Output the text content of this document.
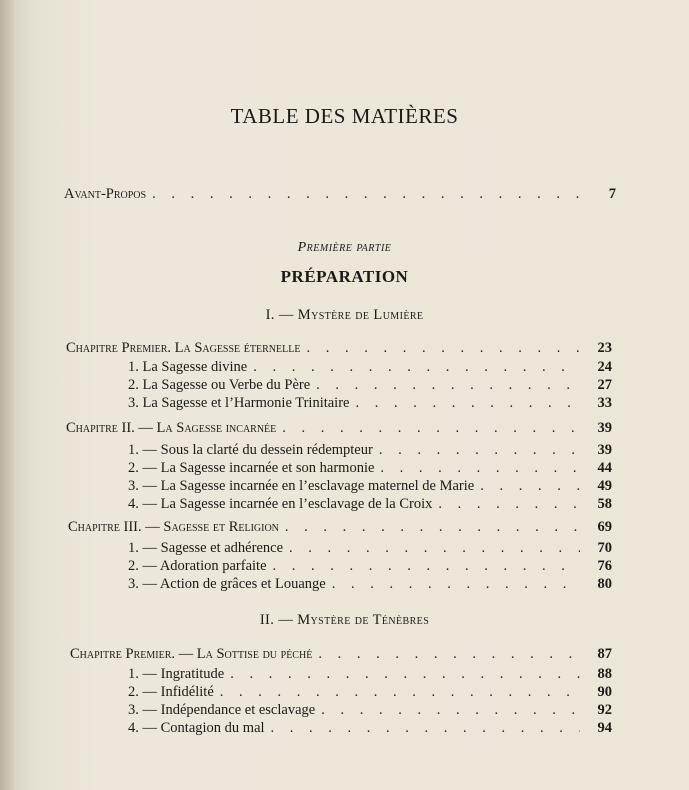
TABLE DES MATIÈRES
Avant-Propos . . .	7
Première partie
PRÉPARATION
I. — Mystère de Lumière
Chapitre Premier. La Sagesse éternelle . . .	23
1. La Sagesse divine . . .	24
2. La Sagesse ou Verbe du Père . . .	27
3. La Sagesse et l’Harmonie Trinitaire . . .	33
Chapitre II. — La Sagesse incarnée . . .	39
1. — Sous la clarté du dessein rédempteur . . .	39
2. — La Sagesse incarnée et son harmonie . . .	44
3. — La Sagesse incarnée en l’esclavage maternel de Marie . . .	49
4. — La Sagesse incarnée en l’esclavage de la Croix . . .	58
Chapitre III. — Sagesse et Religion . . .	69
1. — Sagesse et adhérence . . .	70
2. — Adoration parfaite . . .	76
3. — Action de grâces et Louange . . .	80
II. — Mystère de Ténèbres
Chapitre Premier. — La Sottise du péché . . .	87
1. — Ingratitude . . .	88
2. — Infidélité . . .	90
3. — Indépendance et esclavage . . .	92
4. — Contagion du mal . . .	94
